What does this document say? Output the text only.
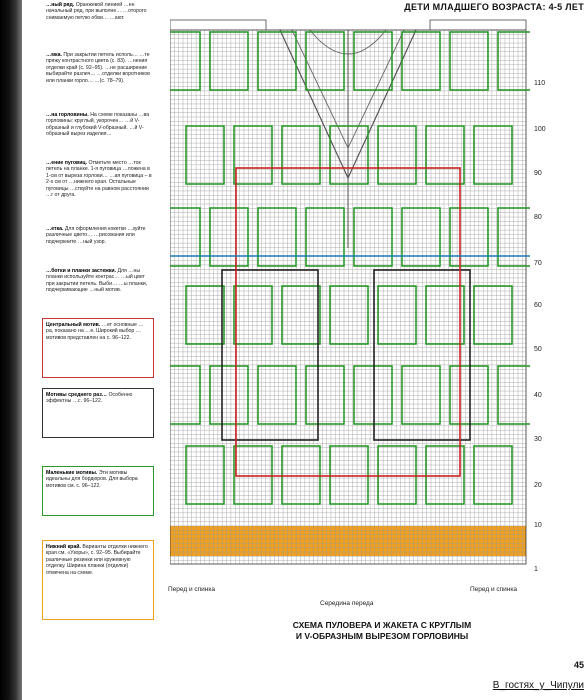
…ный ряд. Оранжевой линией …ен начальный ряд, при выполне… …оторого снимаемую петлю обви… …ают.
…мка. При закрытии петель исполь… …те пряжу контрастного цвета (с. 83). …нения отделки край (с. 92–95). …не расширение выбирайте различ… …отделки воротников или планки горло… …(с. 78–79).
…на горловины. На схеме показаны …ва горловины: круглый, укорочен… …й V-образный и глубокий V-образный. …й V-образный вырез изделия…
…ение пуговиц. Отметьте место …ток петель на планке. 1-я пуговица …ложена в 1-см от вырезa горлови… …ая пуговица – в 2-х см от …нижнего края. Остальные пуговицы …ствуйте на равном расстоянии …г от друга.
…етка. Для оформления кокетки …зуйте различные цвето… …рисования или подчеркните …ный узор.
…ботки и планки застежки. Для …ны планки используйте контрас… …ый цвет при закрытии петель. Выби… …ы планки, подчеркивающие …ный мотив.
Центральный мотив. …ет основные …ра, показано на …е. Широкий выбор …мотивов представлен на с. 96–122.
Мотивы среднего раз… Особенно эффектны …с. 96–122.
Маленькие мотивы. Эти мотивы идеальны для бордюров. Для выбора мотивов см. с. 96–122.
Нижний край. Варианты отделки нижнего края см. «Узоры», с. 92–95. Выбирайте различные резинки или кружевную отделку. Ширина планки (отделки) отмечена на схеме.
ДЕТИ МЛАДШЕГО ВОЗРАСТА: 4-5 ЛЕТ
110
100
90
80
70
60
50
40
30
20
10
1
Перед и спинка
Середина переда
Перед и спинка
СХЕМА ПУЛОВЕРА И ЖАКЕТА С КРУГЛЫМ
И V-ОБРАЗНЫМ ВЫРЕЗОМ ГОРЛОВИНЫ
45
В_гостях_у_Чипули
